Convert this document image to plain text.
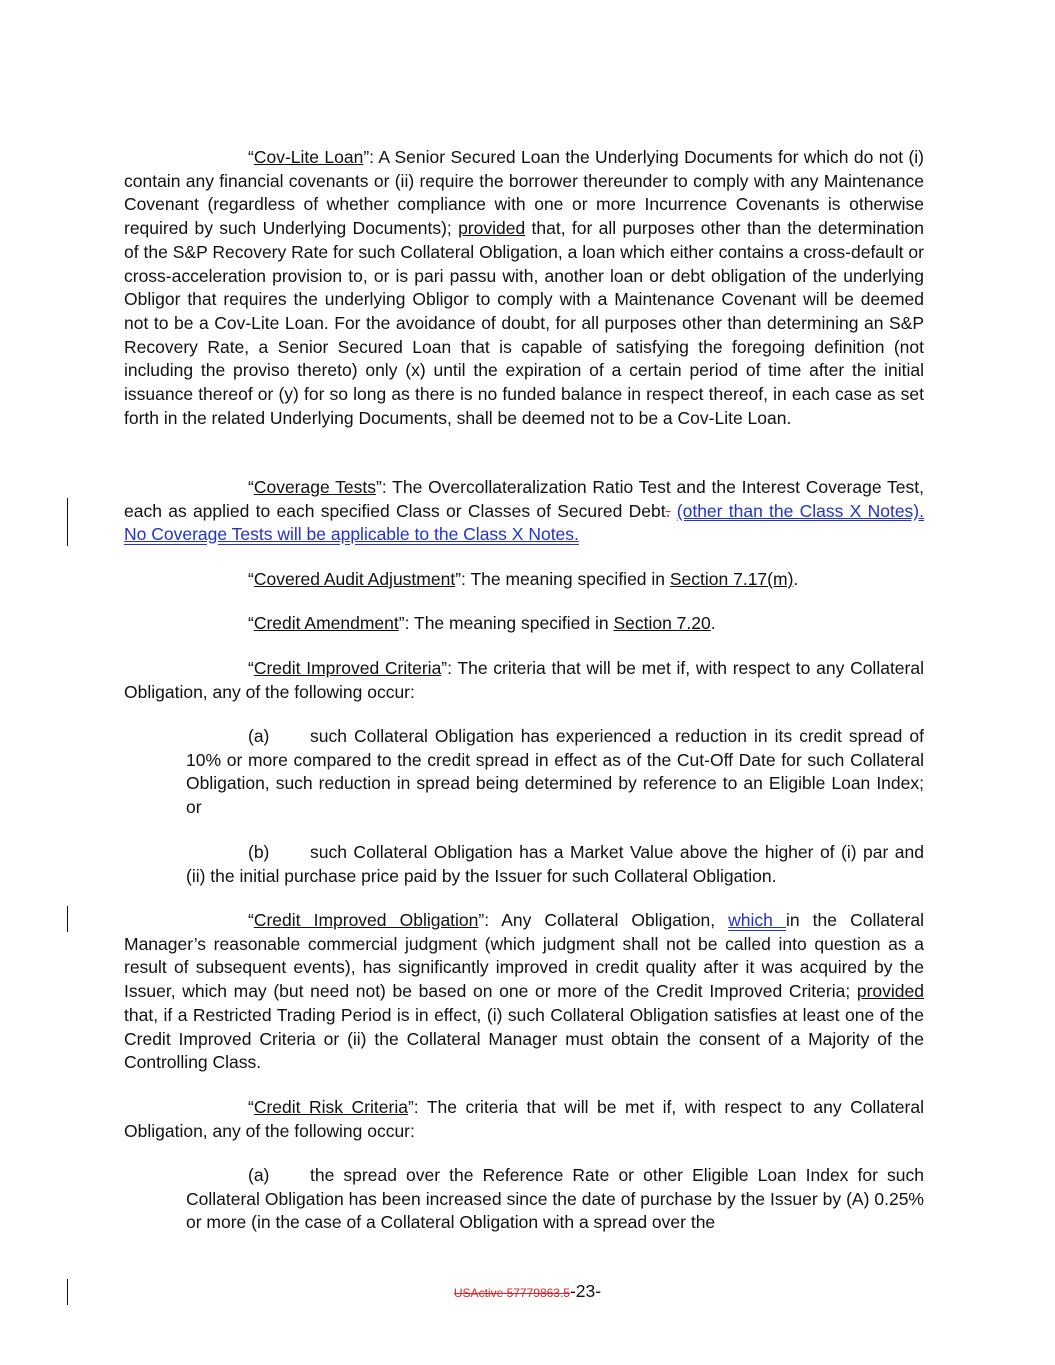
“Cov-Lite Loan”: A Senior Secured Loan the Underlying Documents for which do not (i) contain any financial covenants or (ii) require the borrower thereunder to comply with any Maintenance Covenant (regardless of whether compliance with one or more Incurrence Covenants is otherwise required by such Underlying Documents); provided that, for all purposes other than the determination of the S&P Recovery Rate for such Collateral Obligation, a loan which either contains a cross-default or cross-acceleration provision to, or is pari passu with, another loan or debt obligation of the underlying Obligor that requires the underlying Obligor to comply with a Maintenance Covenant will be deemed not to be a Cov-Lite Loan. For the avoidance of doubt, for all purposes other than determining an S&P Recovery Rate, a Senior Secured Loan that is capable of satisfying the foregoing definition (not including the proviso thereto) only (x) until the expiration of a certain period of time after the initial issuance thereof or (y) for so long as there is no funded balance in respect thereof, in each case as set forth in the related Underlying Documents, shall be deemed not to be a Cov-Lite Loan.

“Coverage Tests”: The Overcollateralization Ratio Test and the Interest Coverage Test, each as applied to each specified Class or Classes of Secured Debt. (other than the Class X Notes). No Coverage Tests will be applicable to the Class X Notes.

“Covered Audit Adjustment”: The meaning specified in Section 7.17(m).

“Credit Amendment”: The meaning specified in Section 7.20.

“Credit Improved Criteria”: The criteria that will be met if, with respect to any Collateral Obligation, any of the following occur:

(a) such Collateral Obligation has experienced a reduction in its credit spread of 10% or more compared to the credit spread in effect as of the Cut-Off Date for such Collateral Obligation, such reduction in spread being determined by reference to an Eligible Loan Index; or

(b) such Collateral Obligation has a Market Value above the higher of (i) par and (ii) the initial purchase price paid by the Issuer for such Collateral Obligation.

“Credit Improved Obligation”: Any Collateral Obligation, which in the Collateral Manager’s reasonable commercial judgment (which judgment shall not be called into question as a result of subsequent events), has significantly improved in credit quality after it was acquired by the Issuer, which may (but need not) be based on one or more of the Credit Improved Criteria; provided that, if a Restricted Trading Period is in effect, (i) such Collateral Obligation satisfies at least one of the Credit Improved Criteria or (ii) the Collateral Manager must obtain the consent of a Majority of the Controlling Class.

“Credit Risk Criteria”: The criteria that will be met if, with respect to any Collateral Obligation, any of the following occur:

(a) the spread over the Reference Rate or other Eligible Loan Index for such Collateral Obligation has been increased since the date of purchase by the Issuer by (A) 0.25% or more (in the case of a Collateral Obligation with a spread over the

USActive 57779863.5-23-
